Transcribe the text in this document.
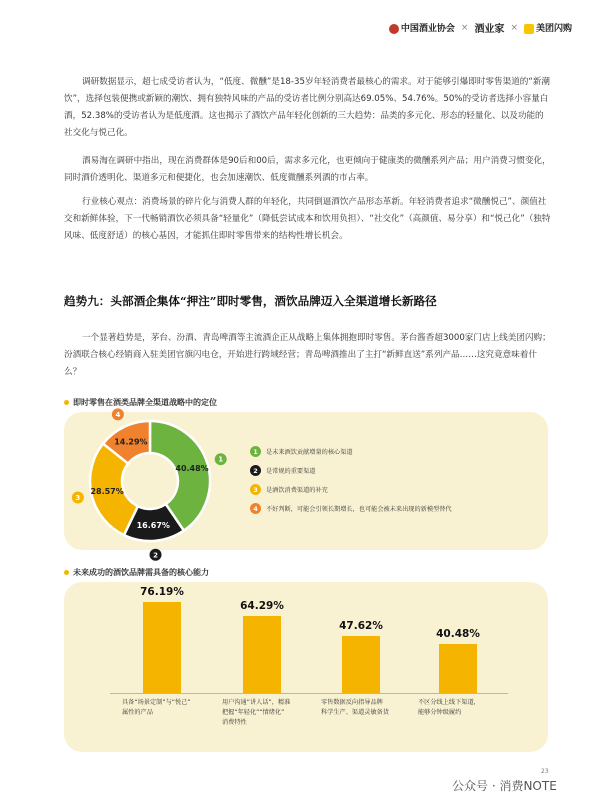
中国酒业协会 × 酒业家 ×	美团闪购

调研数据显示，超七成受访者认为，“低度、微醺”是18-35岁年轻消费者最核心的需求。对于能够引爆即时零售渠道的“新潮饮”，选择包装便携或新颖的潮饮、拥有独特风味的产品的受访者比例分别高达69.05%、54.76%。50%的受访者选择小容量白酒，52.38%的受访者认为是低度酒。这也揭示了酒饮产品年轻化创新的三大趋势：品类的多元化、形态的轻量化、以及功能的社交化与悦己化。

酒易淘在调研中指出，现在消费群体是90后和00后，需求多元化，也更倾向于健康类的微醺系列产品；用户消费习惯变化，同时酒价透明化、渠道多元和便捷化，也会加速潮饮、低度微醺系列酒的市占率。

行业核心观点：消费场景的碎片化与消费人群的年轻化，共同倒逼酒饮产品形态革新。年轻消费者追求“微醺悦己”、颜值社交和新鲜体验，下一代畅销酒饮必须具备“轻量化”（降低尝试成本和饮用负担）、“社交化”（高颜值、易分享）和“悦己化”（独特风味、低度舒适）的核心基因，才能抓住即时零售带来的结构性增长机会。

趋势九：头部酒企集体“押注”即时零售，酒饮品牌迈入全渠道增长新路径

一个显著趋势是，茅台、汾酒、青岛啤酒等主流酒企正从战略上集体拥抱即时零售。茅台酱香超3000家门店上线美团闪购；汾酒联合核心经销商入驻美团官旗闪电仓，开始进行跨域经营；青岛啤酒推出了主打“新鲜直送”系列产品……这究竟意味着什么？

即时零售在酒类品牌全渠道战略中的定位
40.48%
1
16.67%
2
28.57%
3
14.29%
4
1	是未来酒饮贡献增量的核心渠道
2	是常规的重要渠道
3	是酒饮消费渠道的补充
4	不好判断，可能会引领长期增长，也可能会被未来出现的新模型替代
未来成功的酒饮品牌需具备的核心能力
76.19%
具备“场景定制”与“悦己”
属性的产品
64.29%
用户沟通“讲人话”，精准
把握“年轻化”“情绪化”
消费特性
47.62%
零售数据反向指导品牌
科学生产、渠道灵敏备货
40.48%
不区分线上线下渠道，
能够分钟级履约
公众号 · 消费NOTE
23
